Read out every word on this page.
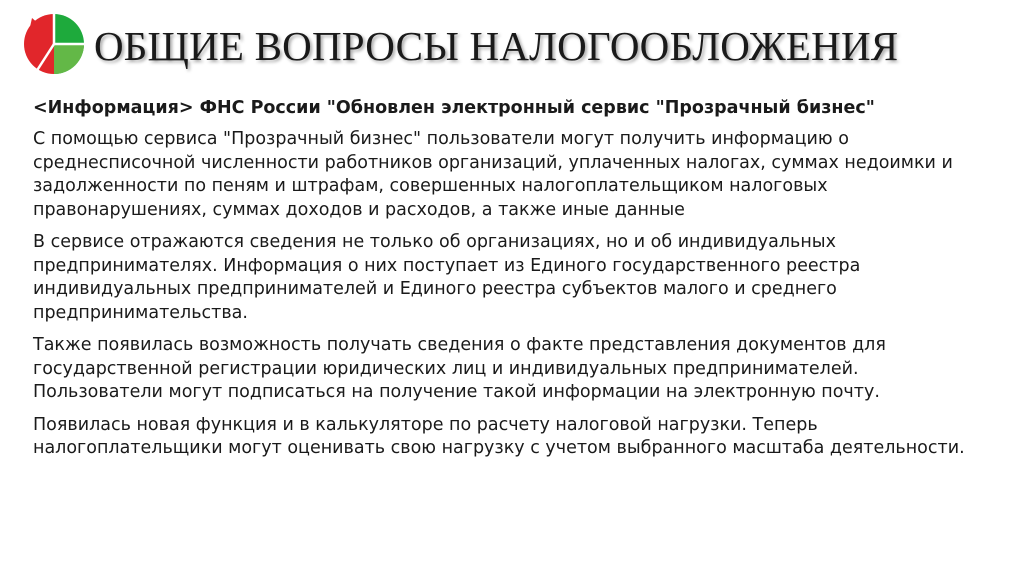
ОБЩИЕ ВОПРОСЫ НАЛОГООБЛОЖЕНИЯ

<Информация> ФНС России "Обновлен электронный сервис "Прозрачный бизнес"

С помощью сервиса "Прозрачный бизнес" пользователи могут получить информацию о среднесписочной численности работников организаций, уплаченных налогах, суммах недоимки и задолженности по пеням и штрафам, совершенных налогоплательщиком налоговых правонарушениях, суммах доходов и расходов, а также иные данные

В сервисе отражаются сведения не только об организациях, но и об индивидуальных предпринимателях. Информация о них поступает из Единого государственного реестра индивидуальных предпринимателей и Единого реестра субъектов малого и среднего предпринимательства.

Также появилась возможность получать сведения о факте представления документов для государственной регистрации юридических лиц и индивидуальных предпринимателей. Пользователи могут подписаться на получение такой информации на электронную почту.

Появилась новая функция и в калькуляторе по расчету налоговой нагрузки. Теперь налогоплательщики могут оценивать свою нагрузку с учетом выбранного масштаба деятельности.
